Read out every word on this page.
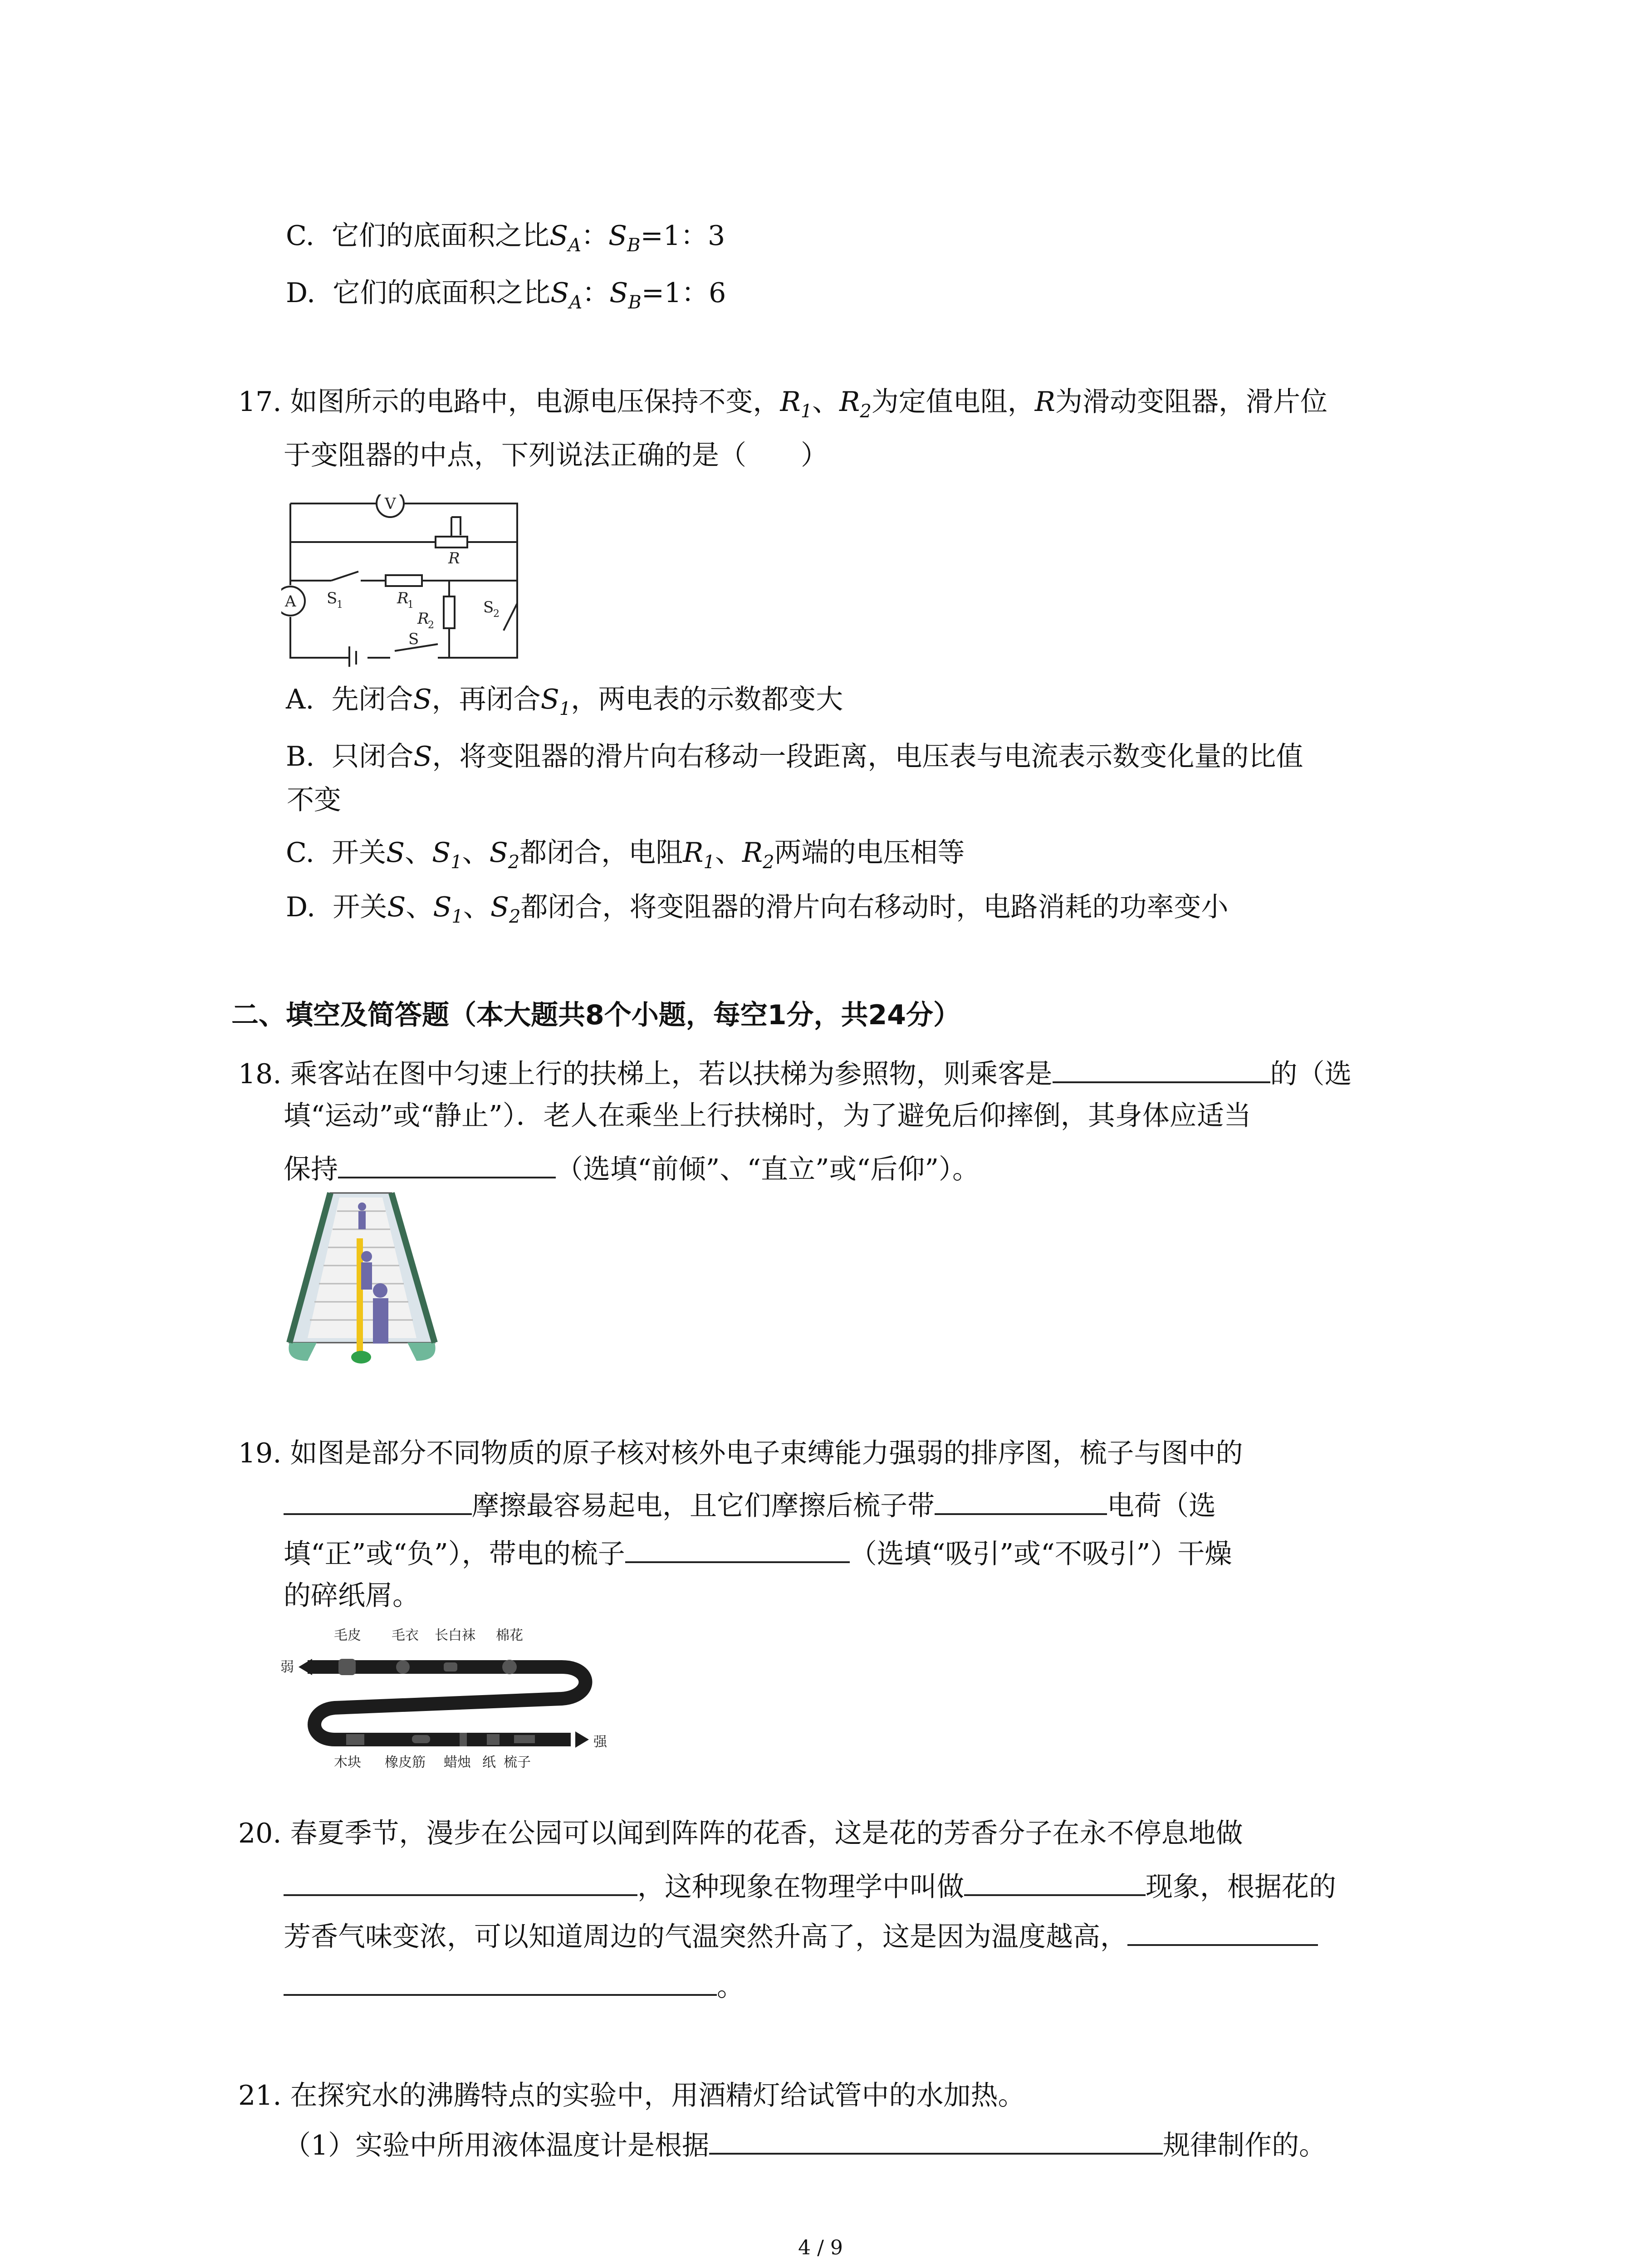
C. 它们的底面积之比$S_A$：$S_B=1$：3
D. 它们的底面积之比$S_A$：$S_B=1$：6
17. 如图所示的电路中，电源电压保持不变，$R_1$、$R_2$为定值电阻，R为滑动变阻器，滑片位
于变阻器的中点，下列说法正确的是（　　）
V
A
R
S
1	R
1
R
2
S
2
S
A. 先闭合S，再闭合$S_1$，两电表的示数都变大
B. 只闭合S，将变阻器的滑片向右移动一段距离，电压表与电流表示数变化量的比值
不变
C. 开关S、$S_1$、$S_2$都闭合，电阻$R_1$、$R_2$两端的电压相等
D. 开关S、$S_1$、$S_2$都闭合，将变阻器的滑片向右移动时，电路消耗的功率变小
二、填空及简答题（本大题共8个小题，每空1分，共24分）
18. 乘客站在图中匀速上行的扶梯上，若以扶梯为参照物，则乘客是	的（选
填“运动”或“静止”）．老人在乘坐上行扶梯时，为了避免后仰摔倒，其身体应适当
保持	（选填“前倾”、“直立”或“后仰”）。
19. 如图是部分不同物质的原子核对核外电子束缚能力强弱的排序图，梳子与图中的
摩擦最容易起电，且它们摩擦后梳子带	电荷（选
填“正”或“负”），带电的梳子	（选填“吸引”或“不吸引”）干燥
的碎纸屑。
毛皮 毛衣 长白袜 棉花
弱
强
木块 橡皮筋 蜡烛 纸 梳子
20. 春夏季节，漫步在公园可以闻到阵阵的花香，这是花的芳香分子在永不停息地做
，这种现象在物理学中叫做	现象，根据花的
芳香气味变浓，可以知道周边的气温突然升高了，这是因为温度越高，
。
21. 在探究水的沸腾特点的实验中，用酒精灯给试管中的水加热。
（1）实验中所用液体温度计是根据	规律制作的。
4 / 9
